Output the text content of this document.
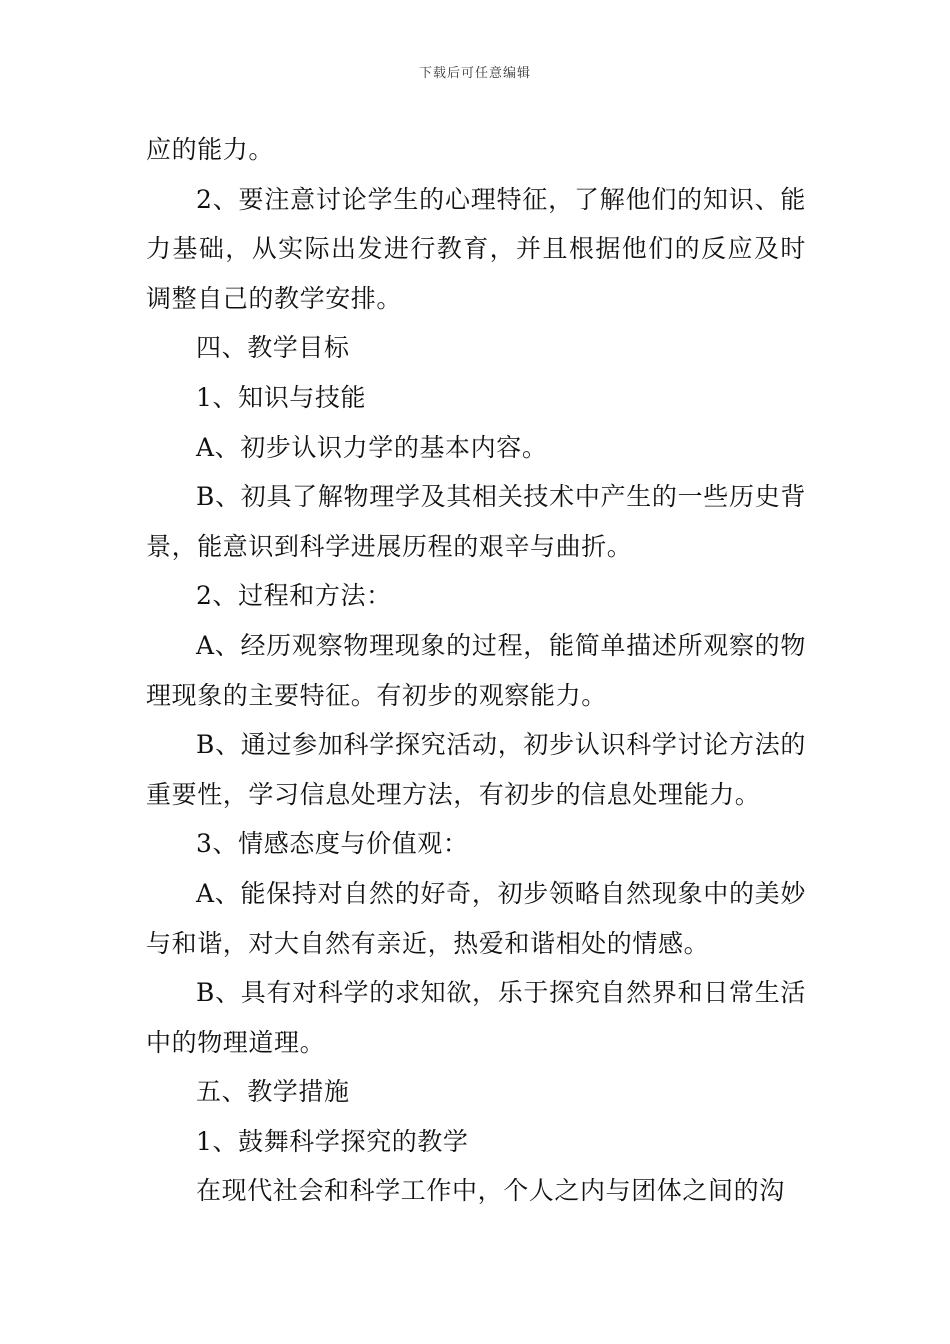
下载后可任意编辑

应的能力。

2、要注意讨论学生的心理特征，了解他们的知识、能力基础，从实际出发进行教育，并且根据他们的反应及时调整自己的教学安排。

四、教学目标

1、知识与技能

A、初步认识力学的基本内容。

B、初具了解物理学及其相关技术中产生的一些历史背景，能意识到科学进展历程的艰辛与曲折。

2、过程和方法：

A、经历观察物理现象的过程，能简单描述所观察的物理现象的主要特征。有初步的观察能力。

B、通过参加科学探究活动，初步认识科学讨论方法的重要性，学习信息处理方法，有初步的信息处理能力。

3、情感态度与价值观：

A、能保持对自然的好奇，初步领略自然现象中的美妙与和谐，对大自然有亲近，热爱和谐相处的情感。

B、具有对科学的求知欲，乐于探究自然界和日常生活中的物理道理。

五、教学措施

1、鼓舞科学探究的教学

在现代社会和科学工作中，个人之内与团体之间的沟
